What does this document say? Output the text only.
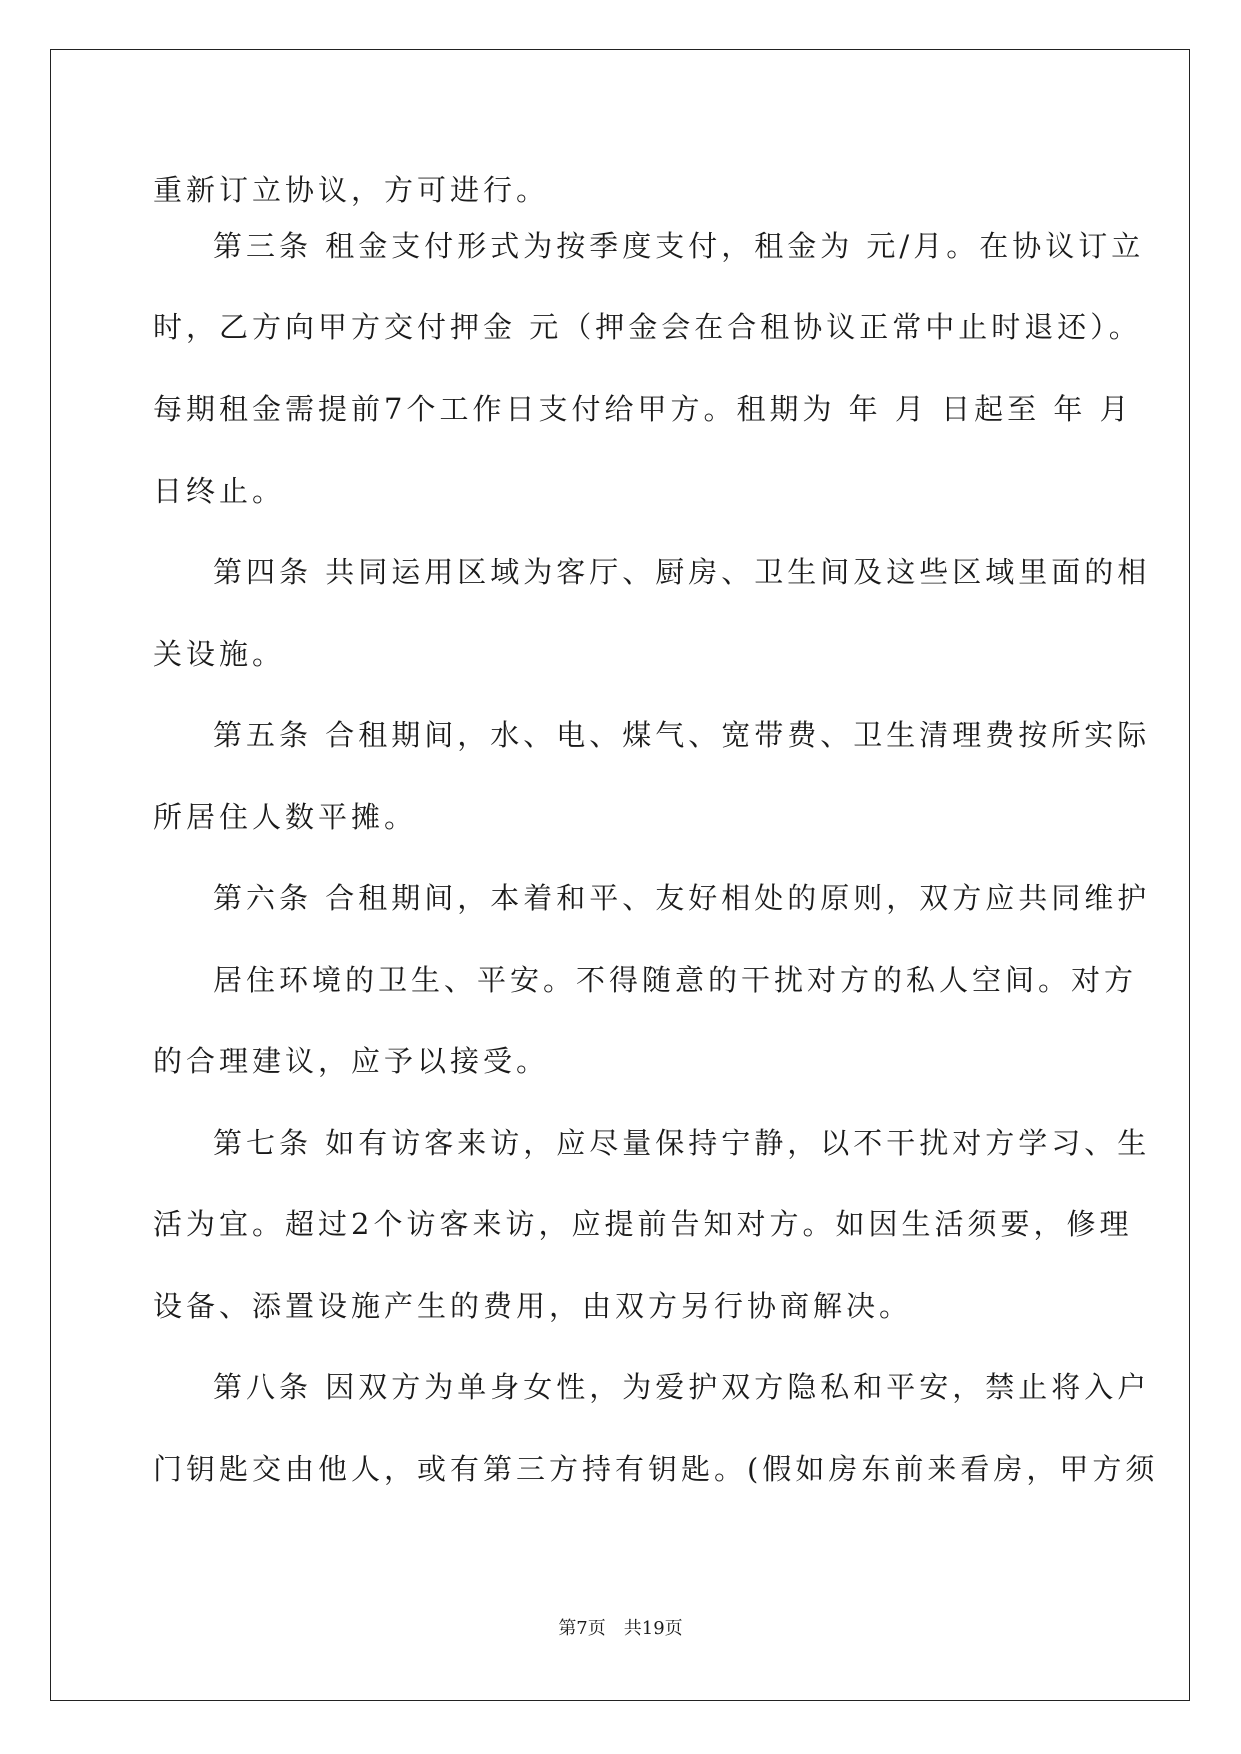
重新订立协议，方可进行。
第三条 租金支付形式为按季度支付，租金为 元/月。在协议订立
时，乙方向甲方交付押金 元（押金会在合租协议正常中止时退还）。
每期租金需提前7个工作日支付给甲方。租期为 年 月 日起至 年 月
日终止。
第四条 共同运用区域为客厅、厨房、卫生间及这些区域里面的相
关设施。
第五条 合租期间，水、电、煤气、宽带费、卫生清理费按所实际
所居住人数平摊。
第六条 合租期间，本着和平、友好相处的原则，双方应共同维护
居住环境的卫生、平安。不得随意的干扰对方的私人空间。对方
的合理建议，应予以接受。
第七条 如有访客来访，应尽量保持宁静，以不干扰对方学习、生
活为宜。超过2个访客来访，应提前告知对方。如因生活须要，修理
设备、添置设施产生的费用，由双方另行协商解决。
第八条 因双方为单身女性，为爱护双方隐私和平安，禁止将入户
门钥匙交由他人，或有第三方持有钥匙。(假如房东前来看房，甲方须
第7页　共19页
